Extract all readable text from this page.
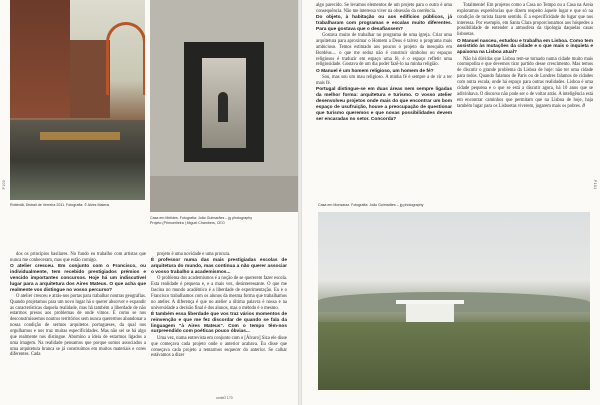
P100
Rotterdã, Distrail de Verreira 2011. Fotografia: © Alves Mateus
Casa em Melides. Fotografia: João Guimarães – jg photography
Projeto (Primoerlieira | Miguel Chambers, CEO

dos os princípios basilares. No fundo eu trabalho com artistas que nunca me conheceram, mas que estão comigo.

O atelier cresceu. Em conjunto com o Francisco, ou individualmente, tem recebido prestigiados prémios e vencido importantes concursos. Hoje há um indiscutível lugar para a arquitetura dos Aires Mateus. O que acha que realmente vos distingue no vosso percurso?

O atelier cresceu e atrás-nos portas para trabalhar noutras geografias. Quando projetamos para um novo lugar há o querer absorver e expandir as características daquela realidade, mas há também a liberdade de não estarmos presos aos problemas de onde vimos. É como se nos desconstruíssemos noutros territórios sem nunca querermos abandonar a nossa condição de sermos arquitetos portugueses, da qual nos orgulhamos e nos traz muitas especificidades. Mas não sei se há algo que realmente nos distingue. Abomino a ideia de estarmos ligados a uma imagem. Na realidade pensamos que porque somos associados a uma arquitetura branca se já construímos em muitos materiais e cores diferentes. Cada

projeto é uma novidade e uma procura.

É professor numa das mais prestigiadas escolas de arquitetura do mundo, mas continua a não querer associar o vosso trabalho a academismos...

O problema dos academismos é a noção de se quererem fazer escola. Esta realidade é pequena e, e a mais vez, desinteressante. O que me fascina no mundo académico é a liberdade de experimentação. Eu e o Francisco trabalhamos com os alunos da mesma forma que trabalhamos no atelier. A diferença é que no atelier a última palavra é nossa e na universidade a decisão final é dos alunos, mas o método é o mesmo.

É também essa liberdade que vos traz vários momentos de reinvenção e que me fez discordar de quando se fala da linguagem "à Aires Mateus". Com o tempo têm-nos surpreendido com poéticas pouco óbvias...

Uma vez, numa entrevista em conjunto com o [Álvaro] Siza ele disse que começava cada projeto onde o anterior acabava. Eu disse que começava cada projeto a tentarmos esquecer do anterior. Se calhar estávamos a dizer

umbiO 170

algo parecido. Se levamos elementos de um projeto para o outro é uma consequência. Não me interessa viver na obsessão da coerência.

Do objeto, à habitação ou aos edifícios públicos, já trabalharam com programas e escalas muito diferentes. Para que gostava que o desafiassem?

Gostava muito de trabalhar no programa de uma igreja. Criar uma arquitetura para aproximar o Homem a Deus é talvez o programa mais ambicioso. Temos estimado aos poucos o projeto da mesquita em Bordéus.... o que me seduz não é construir símbolos ou espaços religiosos é traduzir em espaço uma fé, é o espaço refletir uma religiosidade. Gostava de um dia poder fazê-lo na minha religião.

O Manuel é um homem religioso, um homem de fé?

Sou, mas sou um mau religioso. A minha fé é sempre a de vir a ter mais fé.

Portugal distingue-se em duas áreas nem sempre ligadas da melhor forma: arquitetura e turismo. O vosso atelier desenvolveu projetos onde mais do que encontrar um bom espaço de usufruição, houve a preocupação de questionar que turismo queremos e que novas possibilidades devem ser encaradas no setor. Concorda?

Totalmente! Em projetos como a Casa no Tempo ou a Casa na Areia exploramos experiências que dizem respeito àquele lugar e que só na condição de turista fazem sentido. É a especificidade do lugar que nos interessa. Por exemplo, em Santa Clara proporcionamos aos hóspedes a possibilidade de entender a atmosfera da tipologia daquelas casas lisboetas.

O Manuel nasceu, estudou e trabalha em Lisboa. Como tem assistido às mutações da cidade e o que mais o inquieta e apaixona na Lisboa atual?

Não há dúvidas que Lisboa tem-se tornado numa cidade muito mais cosmopolita e que devemos tirar partido desse crescimento. Mas temos de discutir o grande problema da Lisboa de hoje: não ter uma cidade para todos. Quando falamos de Paris ou de Londres falamos de cidades com outra escala, onde há espaço para outras realidades. Lisboa é uma cidade pequena e o que se está a discutir agora, há 10 anos que se adivinhava. O discurso não pode ser o de voltar atrás. A inteligência está em encontrar caminhos que permitam que na Lisboa de hoje, haja também lugar para os Lisboetas viverem, jogarem mais os pobres. //

Casa em Monsaraz. Fotografia: João Guimarães – jg photography
P101
